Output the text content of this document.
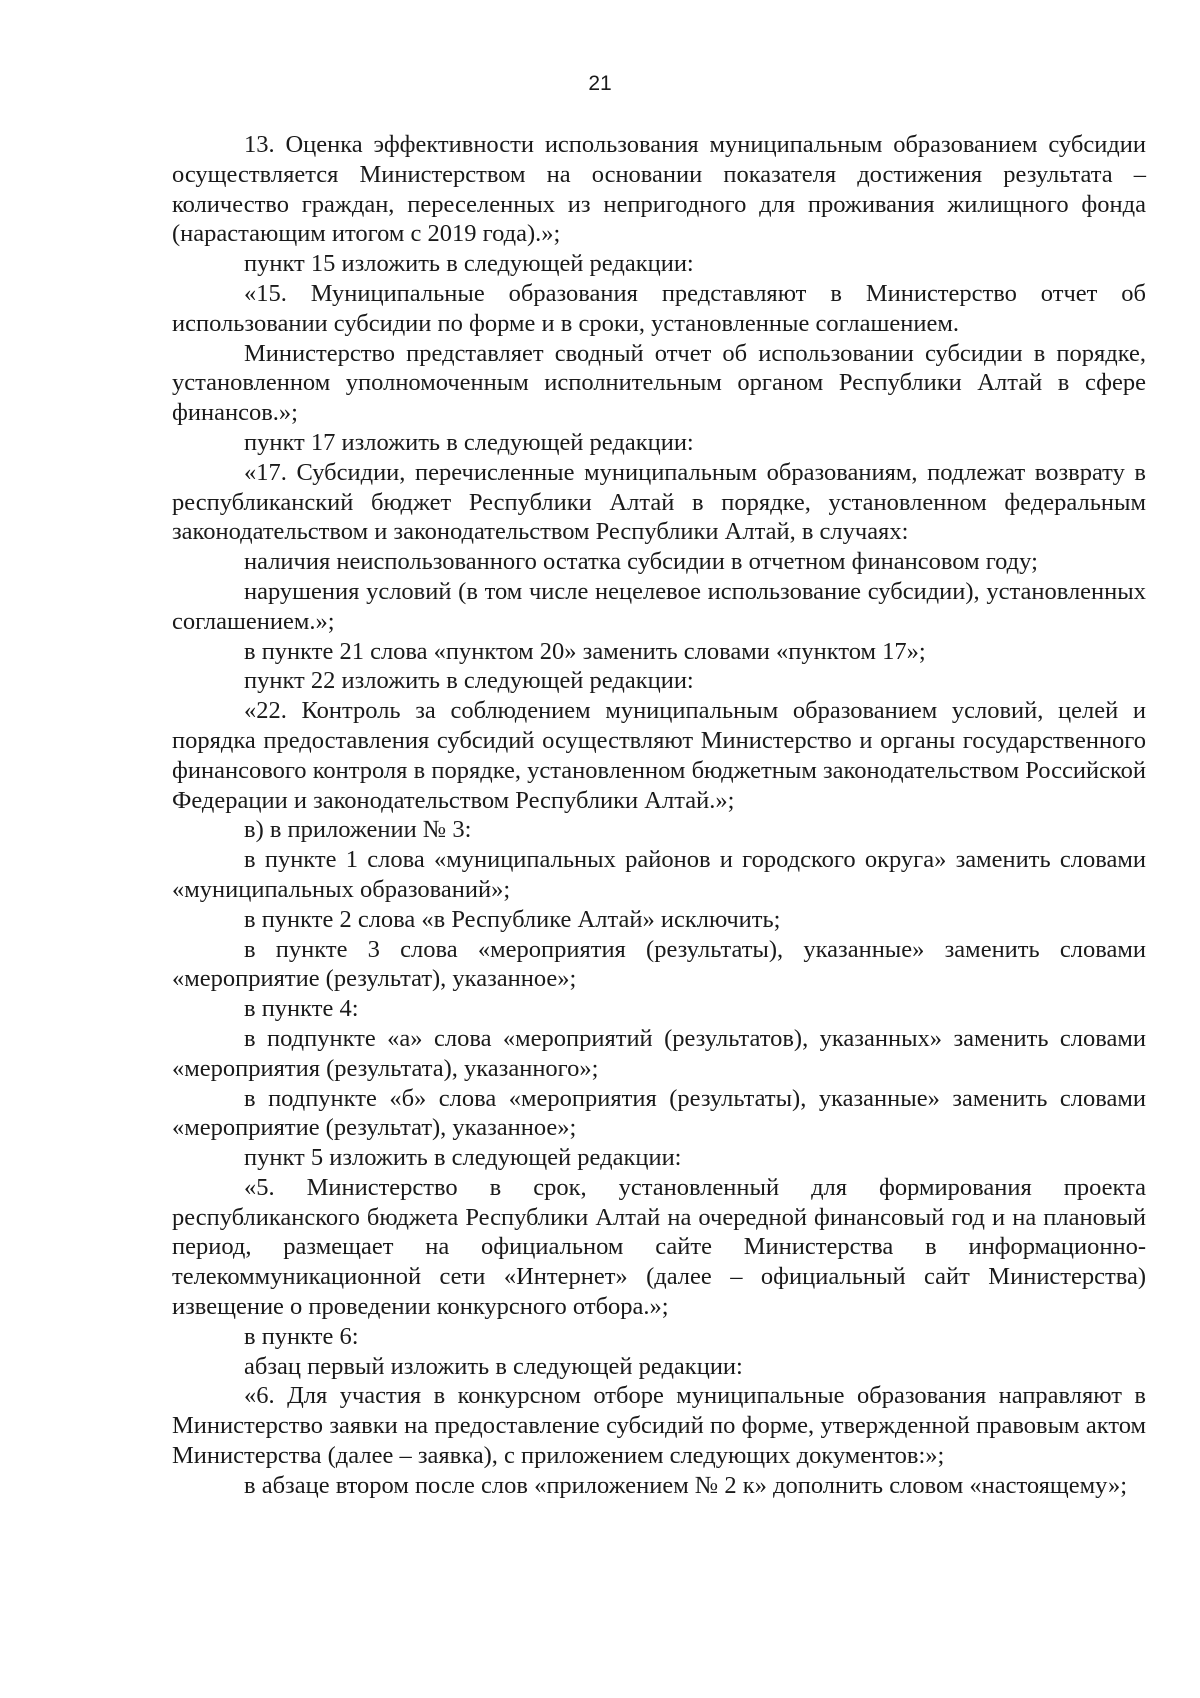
21

13. Оценка эффективности использования муниципальным образованием субсидии осуществляется Министерством на основании показателя достижения результата – количество граждан, переселенных из непригодного для проживания жилищного фонда (нарастающим итогом с 2019 года).»;

пункт 15 изложить в следующей редакции:

«15. Муниципальные образования представляют в Министерство отчет об использовании субсидии по форме и в сроки, установленные соглашением.

Министерство представляет сводный отчет об использовании субсидии в порядке, установленном уполномоченным исполнительным органом Республики Алтай в сфере финансов.»;

пункт 17 изложить в следующей редакции:

«17. Субсидии, перечисленные муниципальным образованиям, подлежат возврату в республиканский бюджет Республики Алтай в порядке, установленном федеральным законодательством и законодательством Республики Алтай, в случаях:

наличия неиспользованного остатка субсидии в отчетном финансовом году;

нарушения условий (в том числе нецелевое использование субсидии), установленных соглашением.»;

в пункте 21 слова «пунктом 20» заменить словами «пунктом 17»;

пункт 22 изложить в следующей редакции:

«22. Контроль за соблюдением муниципальным образованием условий, целей и порядка предоставления субсидий осуществляют Министерство и органы государственного финансового контроля в порядке, установленном бюджетным законодательством Российской Федерации и законодательством Республики Алтай.»;

в) в приложении № 3:

в пункте 1 слова «муниципальных районов и городского округа» заменить словами «муниципальных образований»;

в пункте 2 слова «в Республике Алтай» исключить;

в пункте 3 слова «мероприятия (результаты), указанные» заменить словами «мероприятие (результат), указанное»;

в пункте 4:

в подпункте «а» слова «мероприятий (результатов), указанных» заменить словами «мероприятия (результата), указанного»;

в подпункте «б» слова «мероприятия (результаты), указанные» заменить словами «мероприятие (результат), указанное»;

пункт 5 изложить в следующей редакции:

«5. Министерство в срок, установленный для формирования проекта республиканского бюджета Республики Алтай на очередной финансовый год и на плановый период, размещает на официальном сайте Министерства в информационно-телекоммуникационной сети «Интернет» (далее – официальный сайт Министерства) извещение о проведении конкурсного отбора.»;

в пункте 6:

абзац первый изложить в следующей редакции:

«6. Для участия в конкурсном отборе муниципальные образования направляют в Министерство заявки на предоставление субсидий по форме, утвержденной правовым актом Министерства (далее – заявка), с приложением следующих документов:»;

в абзаце втором после слов «приложением № 2 к» дополнить словом «настоящему»;
